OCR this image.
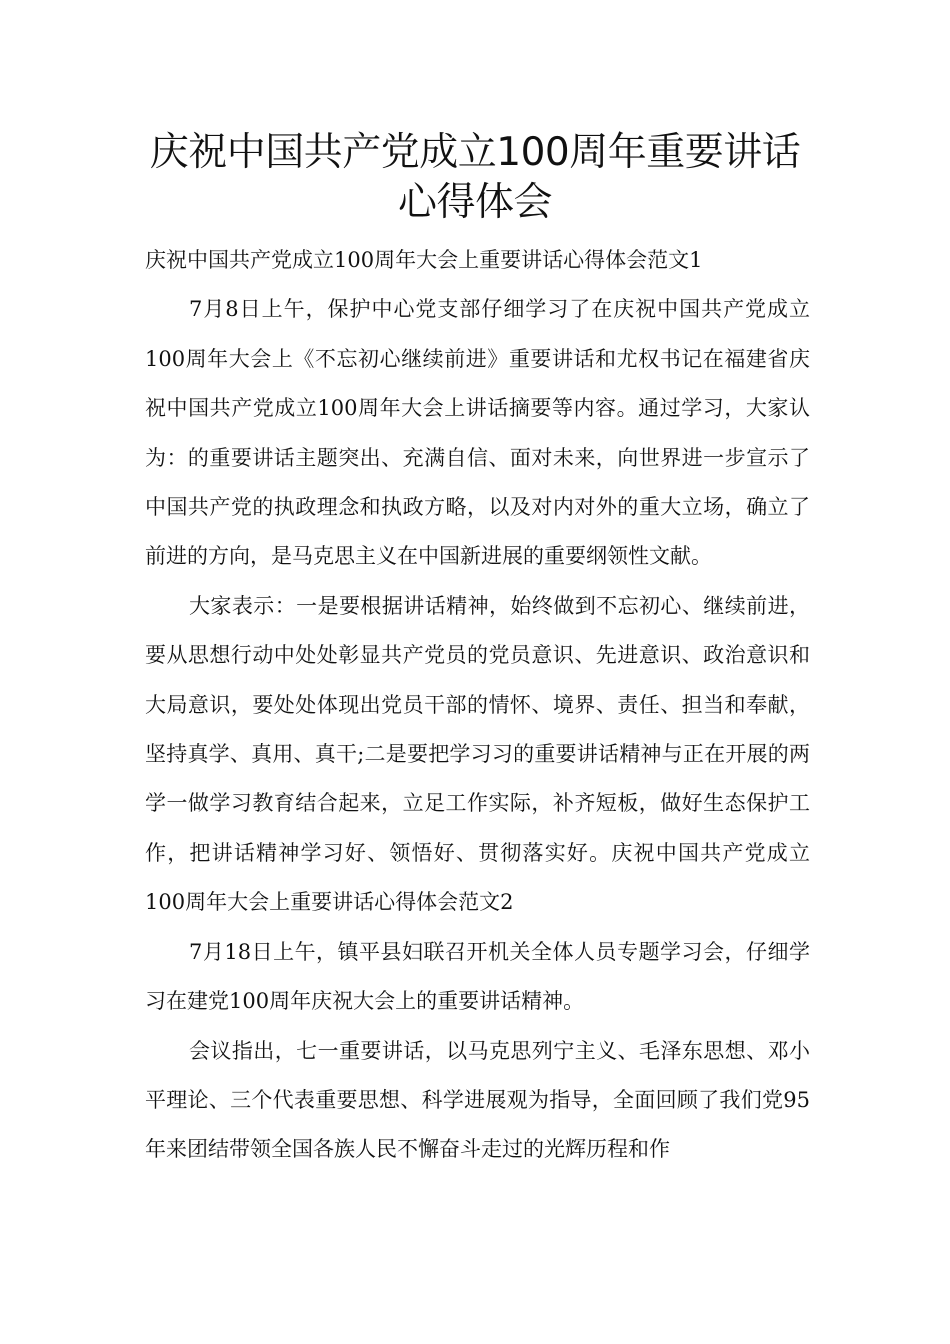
庆祝中国共产党成立100周年重要讲话心得体会

庆祝中国共产党成立100周年大会上重要讲话心得体会范文1

7月8日上午，保护中心党支部仔细学习了在庆祝中国共产党成立100周年大会上《不忘初心继续前进》重要讲话和尤权书记在福建省庆祝中国共产党成立100周年大会上讲话摘要等内容。通过学习，大家认为：的重要讲话主题突出、充满自信、面对未来，向世界进一步宣示了中国共产党的执政理念和执政方略，以及对内对外的重大立场，确立了前进的方向，是马克思主义在中国新进展的重要纲领性文献。

大家表示：一是要根据讲话精神，始终做到不忘初心、继续前进，要从思想行动中处处彰显共产党员的党员意识、先进意识、政治意识和大局意识，要处处体现出党员干部的情怀、境界、责任、担当和奉献，坚持真学、真用、真干;二是要把学习习的重要讲话精神与正在开展的两学一做学习教育结合起来，立足工作实际，补齐短板，做好生态保护工作，把讲话精神学习好、领悟好、贯彻落实好。庆祝中国共产党成立100周年大会上重要讲话心得体会范文2

7月18日上午，镇平县妇联召开机关全体人员专题学习会，仔细学习在建党100周年庆祝大会上的重要讲话精神。

会议指出，七一重要讲话，以马克思列宁主义、毛泽东思想、邓小平理论、三个代表重要思想、科学进展观为指导，全面回顾了我们党95年来团结带领全国各族人民不懈奋斗走过的光辉历程和作
